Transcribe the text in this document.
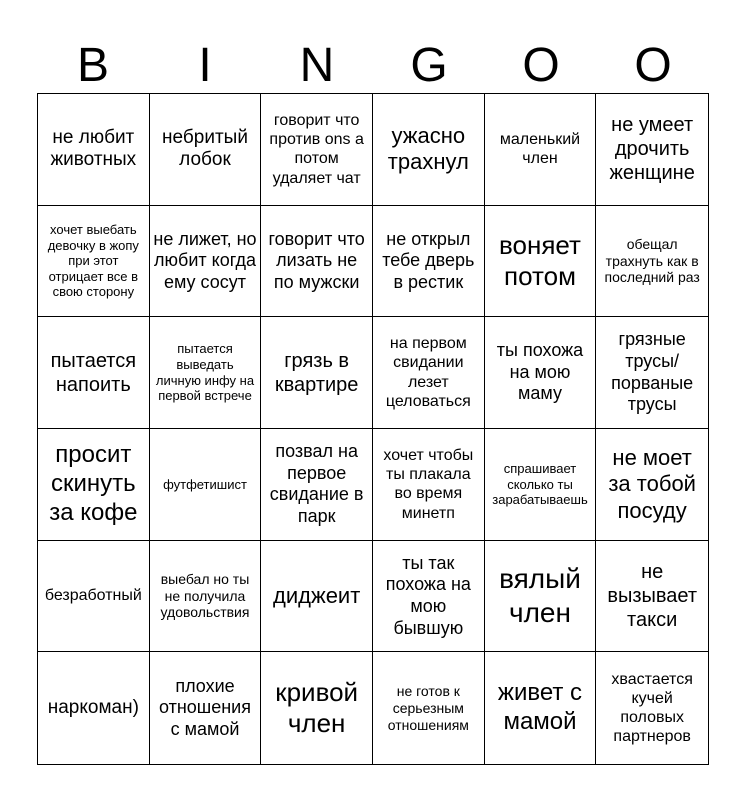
B	I	N	G	O	O
не любит животных
небритый лобок
говорит что против ons а потом удаляет чат
ужасно трахнул
маленький член
не умеет дрочить женщине
хочет выебать девочку в жопу при этот отрицает все в свою сторону
не лижет, но любит когда ему сосут
говорит что лизать не по мужски
не открыл тебе дверь в рестик
воняет потом
обещал трахнуть как в последний раз
пытается напоить
пытается выведать личную инфу на первой встрече
грязь в квартире
на первом свидании лезет целоваться
ты похожа на мою маму
грязные трусы/ порваные трусы
просит скинуть за кофе
футфетишист
позвал на первое свидание в парк
хочет чтобы ты плакала во время минетп
спрашивает сколько ты зарабатываешь
не моет за тобой посуду
безработный
выебал но ты не получила удовольствия
диджеит
ты так похожа на мою бывшую
вялый член
не вызывает такси
наркоман)
плохие отношения с мамой
кривой член
не готов к серьезным отношениям
живет с мамой
хвастается кучей половых партнеров
